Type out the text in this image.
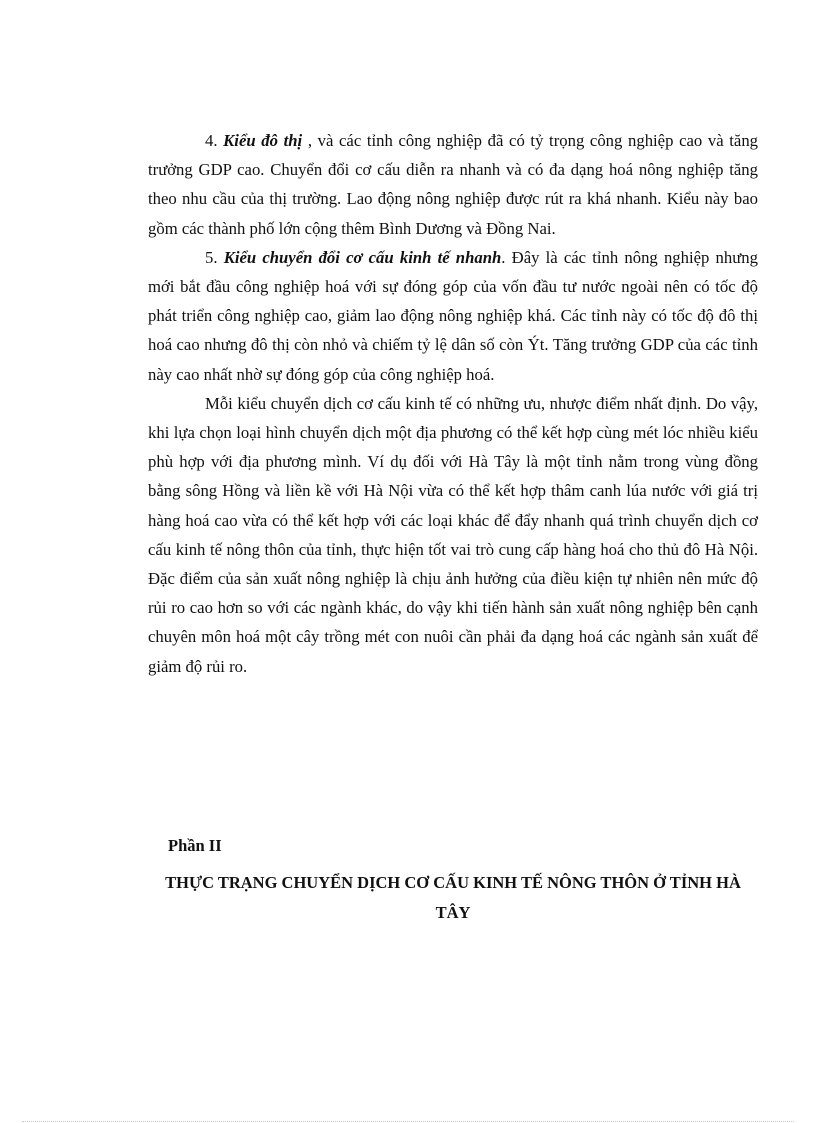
4. Kiểu đô thị , và các tỉnh công nghiệp đã có tỷ trọng công nghiệp cao và tăng trưởng GDP cao. Chuyển đổi cơ cấu diễn ra nhanh và có đa dạng hoá nông nghiệp tăng theo nhu cầu của thị trường. Lao động nông nghiệp được rút ra khá nhanh. Kiểu này bao gồm các thành phố lớn cộng thêm Bình Dương và Đồng Nai.

5. Kiểu chuyển đổi cơ cấu kinh tế nhanh. Đây là các tỉnh nông nghiệp nhưng mới bắt đầu công nghiệp hoá với sự đóng góp của vốn đầu tư nước ngoài nên có tốc độ phát triển công nghiệp cao, giảm lao động nông nghiệp khá. Các tỉnh này có tốc độ đô thị hoá cao nhưng đô thị còn nhỏ và chiếm tỷ lệ dân số còn Ýt. Tăng trưởng GDP của các tỉnh này cao nhất nhờ sự đóng góp của công nghiệp hoá.

Mỗi kiểu chuyển dịch cơ cấu kinh tế có những ưu, nhược điểm nhất định. Do vậy, khi lựa chọn loại hình chuyển dịch một địa phương có thể kết hợp cùng mét lóc nhiều kiểu phù hợp với địa phương mình. Ví dụ đối với Hà Tây là một tỉnh nằm trong vùng đồng bằng sông Hồng và liền kề với Hà Nội vừa có thể kết hợp thâm canh lúa nước với giá trị hàng hoá cao vừa có thể kết hợp với các loại khác để đẩy nhanh quá trình chuyển dịch cơ cấu kinh tế nông thôn của tỉnh, thực hiện tốt vai trò cung cấp hàng hoá cho thủ đô Hà Nội. Đặc điểm của sản xuất nông nghiệp là chịu ảnh hưởng của điều kiện tự nhiên nên mức độ rủi ro cao hơn so với các ngành khác, do vậy khi tiến hành sản xuất nông nghiệp bên cạnh chuyên môn hoá một cây trồng mét con nuôi cần phải đa dạng hoá các ngành sản xuất để giảm độ rủi ro.

Phần II
THỰC TRẠNG CHUYỂN DỊCH CƠ CẤU KINH TẾ NÔNG THÔN Ở TỈNH HÀ TÂY
